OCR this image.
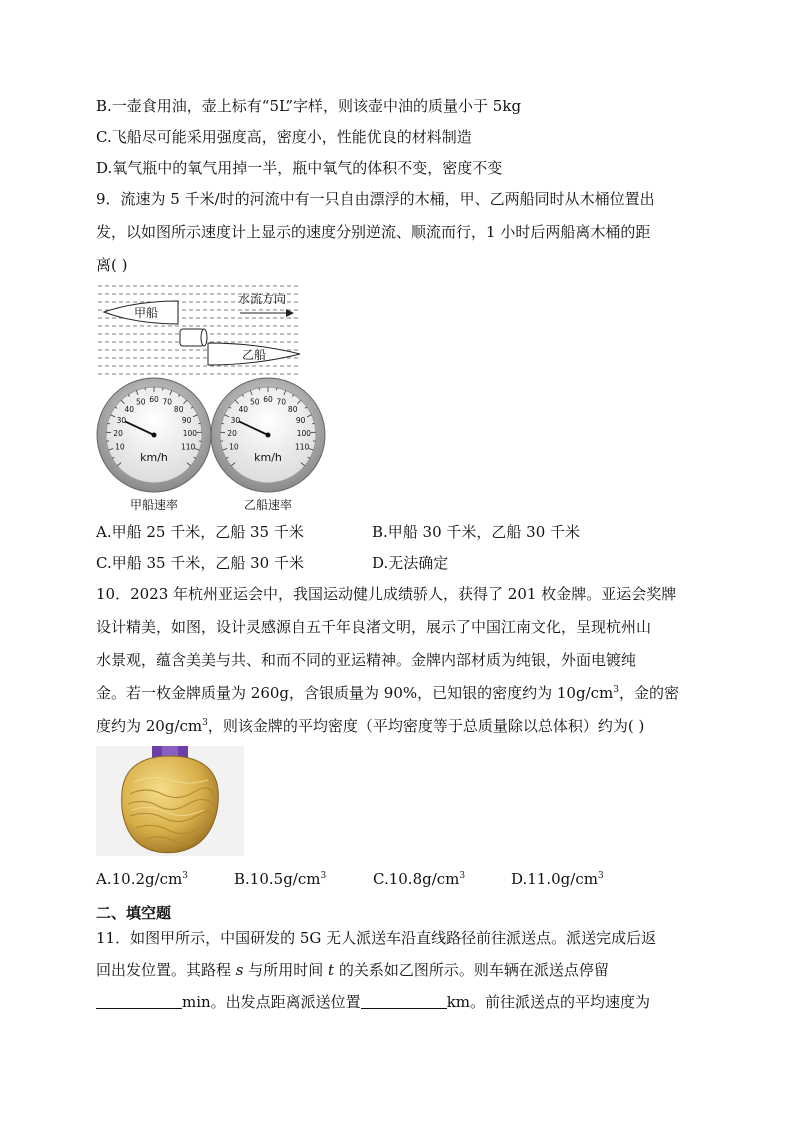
B.一壶食用油，壶上标有“5L”字样，则该壶中油的质量小于 5kg
C.飞船尽可能采用强度高，密度小，性能优良的材料制造
D.氧气瓶中的氧气用掉一半，瓶中氧气的体积不变，密度不变
9．流速为 5 千米/时的河流中有一只自由漂浮的木桶，甲、乙两船同时从木桶位置出
发，以如图所示速度计上显示的速度分别逆流、顺流而行，1 小时后两船离木桶的距
离( )
甲船
水流方向
乙船
10
20
30
40
50 60 70
80
90
100
110
km/h
10
20
30
40
50 60 70
80
90
100
110
km/h
甲船速率	乙船速率
A.甲船 25 千米，乙船 35 千米	B.甲船 30 千米，乙船 30 千米
C.甲船 35 千米，乙船 30 千米	D.无法确定
10．2023 年杭州亚运会中，我国运动健儿成绩骄人，获得了 201 枚金牌。亚运会奖牌
设计精美，如图，设计灵感源自五千年良渚文明，展示了中国江南文化，呈现杭州山
水景观，蕴含美美与共、和而不同的亚运精神。金牌内部材质为纯银，外面电镀纯
金。若一枚金牌质量为 260g，含银质量为 90%，已知银的密度约为 $10g/cm^3$，金的密
度约为 $20g/cm^3$，则该金牌的平均密度（平均密度等于总质量除以总体积）约为( )
$A.10.2g/cm^3$	$B.10.5g/cm^3$	$C.10.8g/cm^3$	$D.11.0g/cm^3$
二、填空题
11．如图甲所示，中国研发的 5G 无人派送车沿直线路径前往派送点。派送完成后返
回出发位置。其路程 s 与所用时间 t 的关系如乙图所示。则车辆在派送点停留
min。出发点距离派送位置	km。前往派送点的平均速度为
